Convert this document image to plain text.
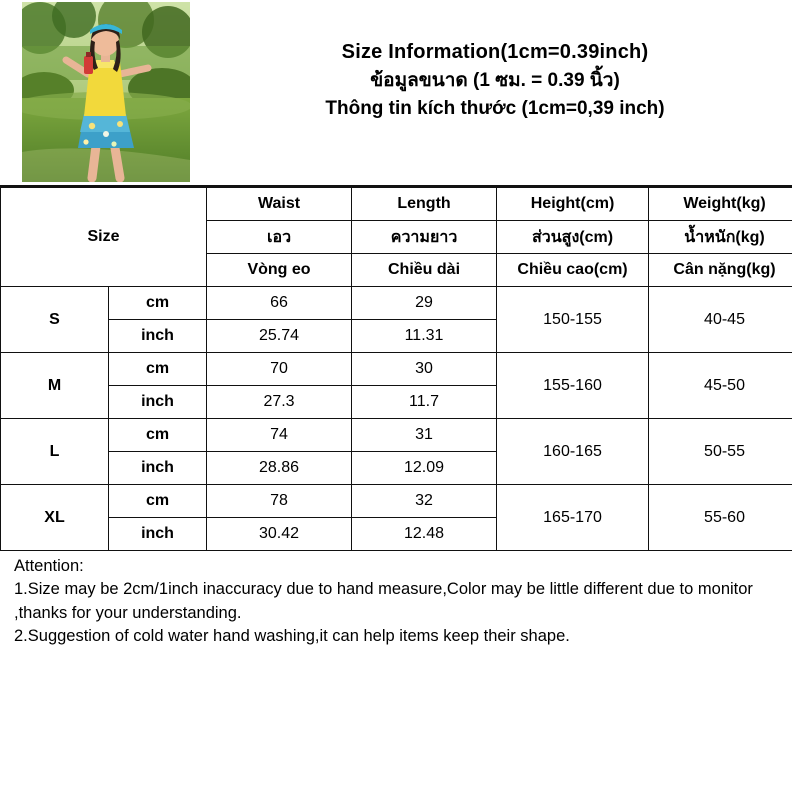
Size Information(1cm=0.39inch)
ข้อมูลขนาด (1 ซม. = 0.39 นิ้ว)
Thông tin kích thước (1cm=0,39 inch)
Size		Waist	Length	Height(cm)	Weight(kg)
		เอว	ความยาว	ส่วนสูง(cm)	น้ำหนัก(kg)
		Vòng eo	Chiều dài	Chiều cao(cm)	Cân nặng(kg)
S	cm	66	29	150-155	40-45
	inch	25.74	11.31		
M	cm	70	30	155-160	45-50
	inch	27.3	11.7		
L	cm	74	31	160-165	50-55
	inch	28.86	12.09		
XL	cm	78	32	165-170	55-60
	inch	30.42	12.48		
Attention:
1.Size may be 2cm/1inch inaccuracy due to hand measure,Color may be little different due to monitor ,thanks for your understanding.
2.Suggestion of cold water hand washing,it can help items keep their shape.
